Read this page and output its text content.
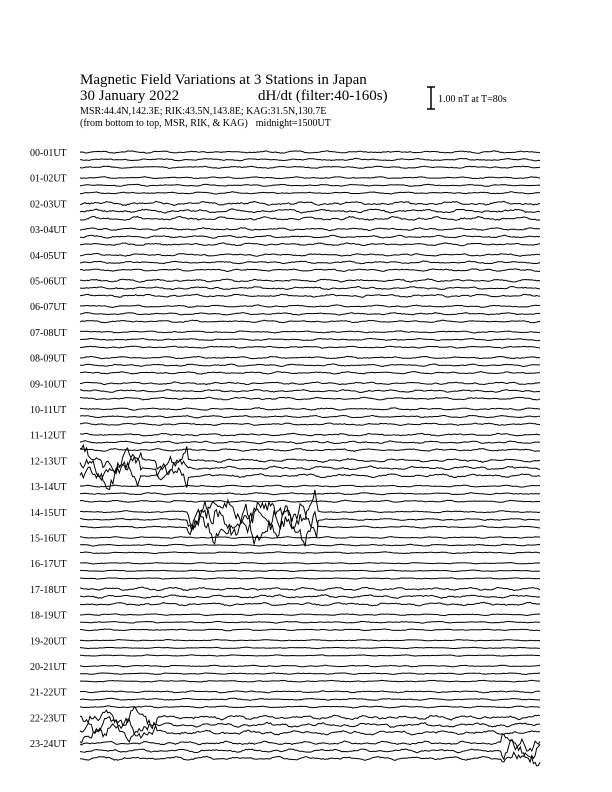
Magnetic Field Variations at 3 Stations in Japan
30 January 2022	dH/dt (filter:40-160s)
MSR:44.4N,142.3E; RIK:43.5N,143.8E; KAG:31.5N,130.7E
(from bottom to top, MSR, RIK, & KAG) midnight=1500UT
1.00 nT at T=80s
00-01UT
01-02UT
02-03UT
03-04UT
04-05UT
05-06UT
06-07UT
07-08UT
08-09UT
09-10UT
10-11UT
11-12UT
12-13UT
13-14UT
14-15UT
15-16UT
16-17UT
17-18UT
18-19UT
19-20UT
20-21UT
21-22UT
22-23UT
23-24UT
